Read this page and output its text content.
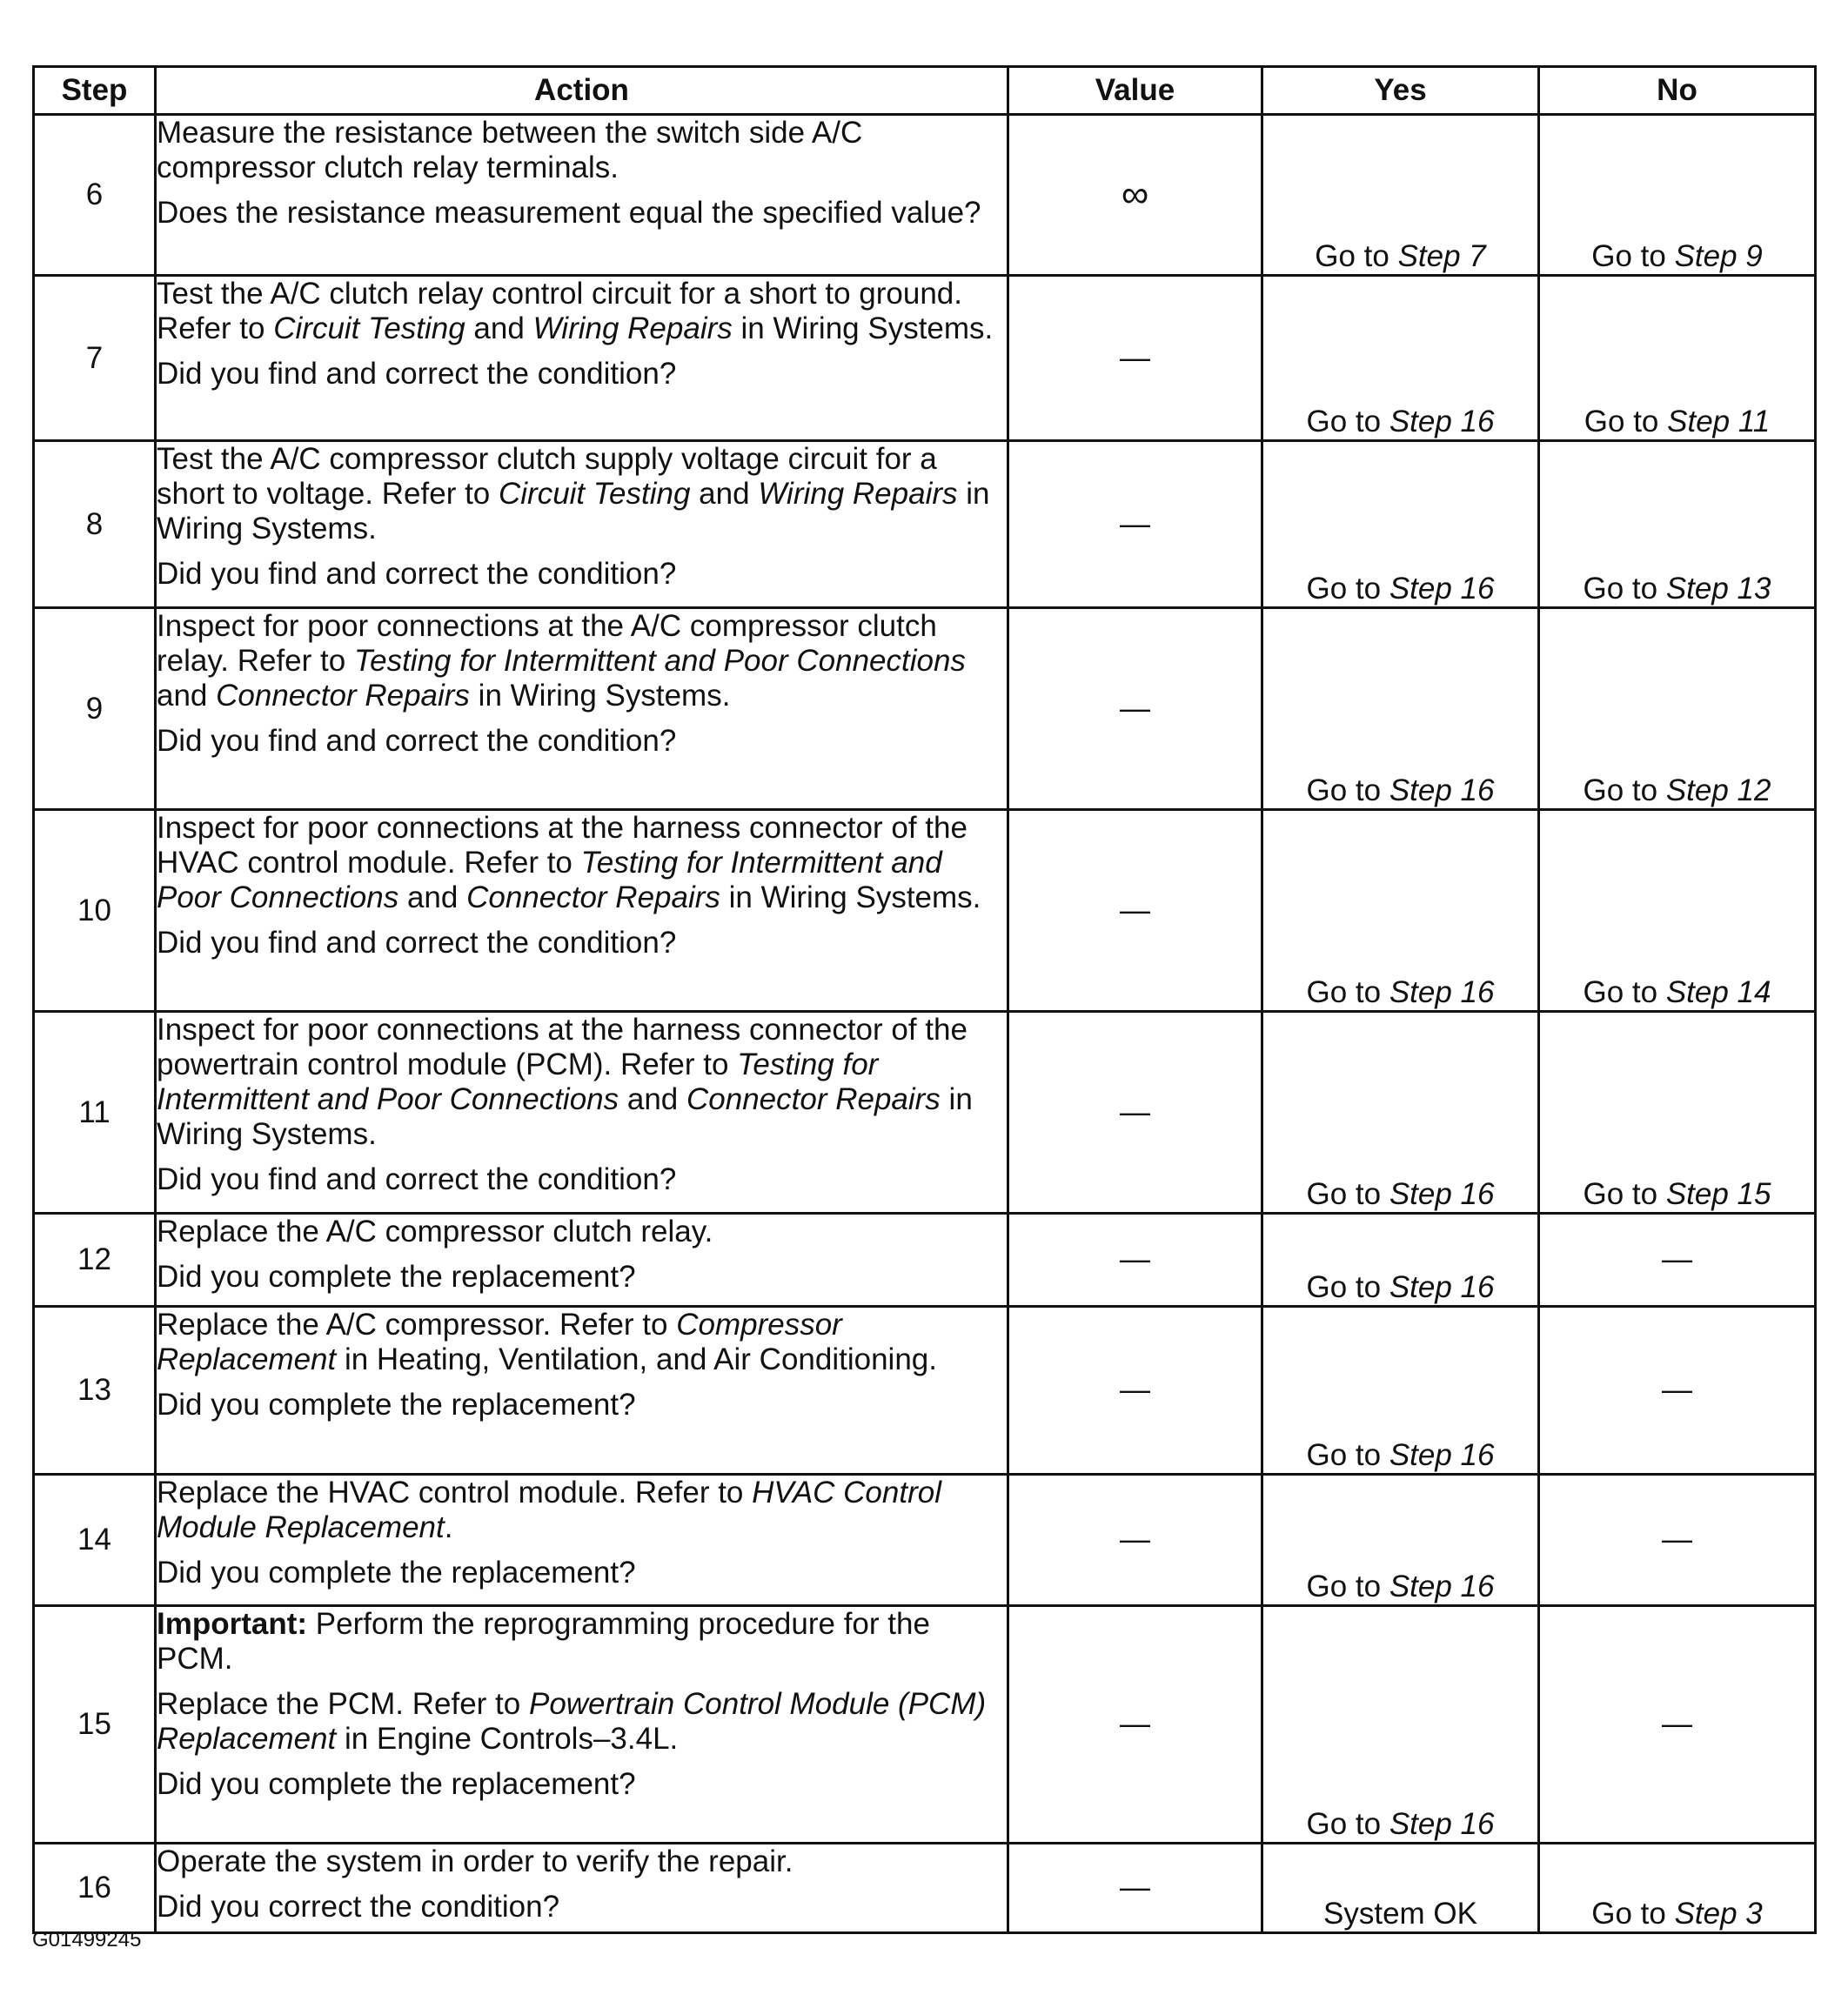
Step	Action	Value	Yes	No
6	Measure the resistance between the switch side A/C compressor clutch relay terminals.
Does the resistance measurement equal the specified value?	∞	Go to Step 7	Go to Step 9
7	Test the A/C clutch relay control circuit for a short to ground. Refer to Circuit Testing and Wiring Repairs in Wiring Systems.
Did you find and correct the condition?	—	Go to Step 16	Go to Step 11
8	Test the A/C compressor clutch supply voltage circuit for a short to voltage. Refer to Circuit Testing and Wiring Repairs in Wiring Systems.
Did you find and correct the condition?	—	Go to Step 16	Go to Step 13
9	Inspect for poor connections at the A/C compressor clutch relay. Refer to Testing for Intermittent and Poor Connections and Connector Repairs in Wiring Systems.
Did you find and correct the condition?	—	Go to Step 16	Go to Step 12
10	Inspect for poor connections at the harness connector of the HVAC control module. Refer to Testing for Intermittent and Poor Connections and Connector Repairs in Wiring Systems.
Did you find and correct the condition?	—	Go to Step 16	Go to Step 14
11	Inspect for poor connections at the harness connector of the powertrain control module (PCM). Refer to Testing for Intermittent and Poor Connections and Connector Repairs in Wiring Systems.
Did you find and correct the condition?	—	Go to Step 16	Go to Step 15
12	Replace the A/C compressor clutch relay.
Did you complete the replacement?	—	Go to Step 16	—
13	Replace the A/C compressor. Refer to Compressor Replacement in Heating, Ventilation, and Air Conditioning.
Did you complete the replacement?	—	Go to Step 16	—
14	Replace the HVAC control module. Refer to HVAC Control Module Replacement.
Did you complete the replacement?	—	Go to Step 16	—
15	Important: Perform the reprogramming procedure for the PCM.
Replace the PCM. Refer to Powertrain Control Module (PCM) Replacement in Engine Controls–3.4L.
Did you complete the replacement?	—	Go to Step 16	—
16	Operate the system in order to verify the repair.
Did you correct the condition?	—	System OK	Go to Step 3
G01499245
